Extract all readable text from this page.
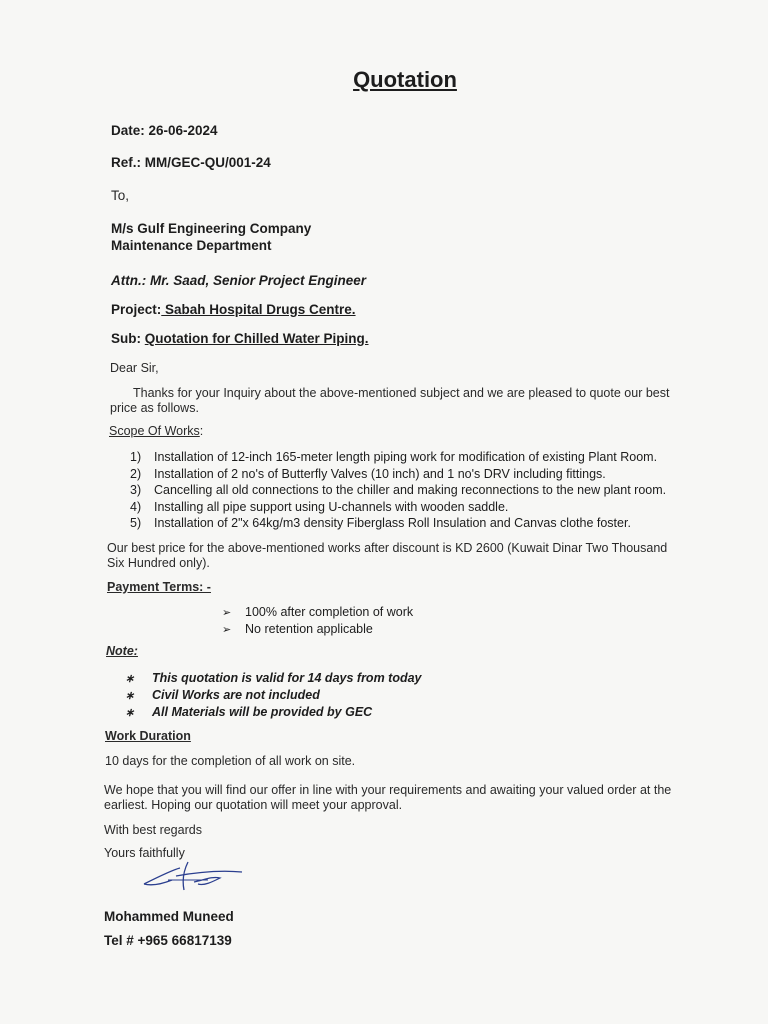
Quotation
Date: 26-06-2024
Ref.: MM/GEC-QU/001-24
To,
M/s Gulf Engineering Company
Maintenance Department
Attn.: Mr. Saad, Senior Project Engineer
Project: Sabah Hospital Drugs Centre.
Sub: Quotation for Chilled Water Piping.
Dear Sir,
Thanks for your Inquiry about the above-mentioned subject and we are pleased to quote our best
price as follows.
Scope Of Works:
1) Installation of 12-inch 165-meter length piping work for modification of existing Plant Room.
2) Installation of 2 no's of Butterfly Valves (10 inch) and 1 no's DRV including fittings.
3) Cancelling all old connections to the chiller and making reconnections to the new plant room.
4) Installing all pipe support using U-channels with wooden saddle.
5) Installation of 2"x 64kg/m3 density Fiberglass Roll Insulation and Canvas clothe foster.
Our best price for the above-mentioned works after discount is KD 2600 (Kuwait Dinar Two Thousand
Six Hundred only).
Payment Terms: -
➢ 100% after completion of work
➢ No retention applicable
Note:
∗ This quotation is valid for 14 days from today
∗ Civil Works are not included
∗ All Materials will be provided by GEC
Work Duration
10 days for the completion of all work on site.
We hope that you will find our offer in line with your requirements and awaiting your valued order at the
earliest. Hoping our quotation will meet your approval.
With best regards
Yours faithfully
Mohammed Muneed
Tel # +965 66817139
